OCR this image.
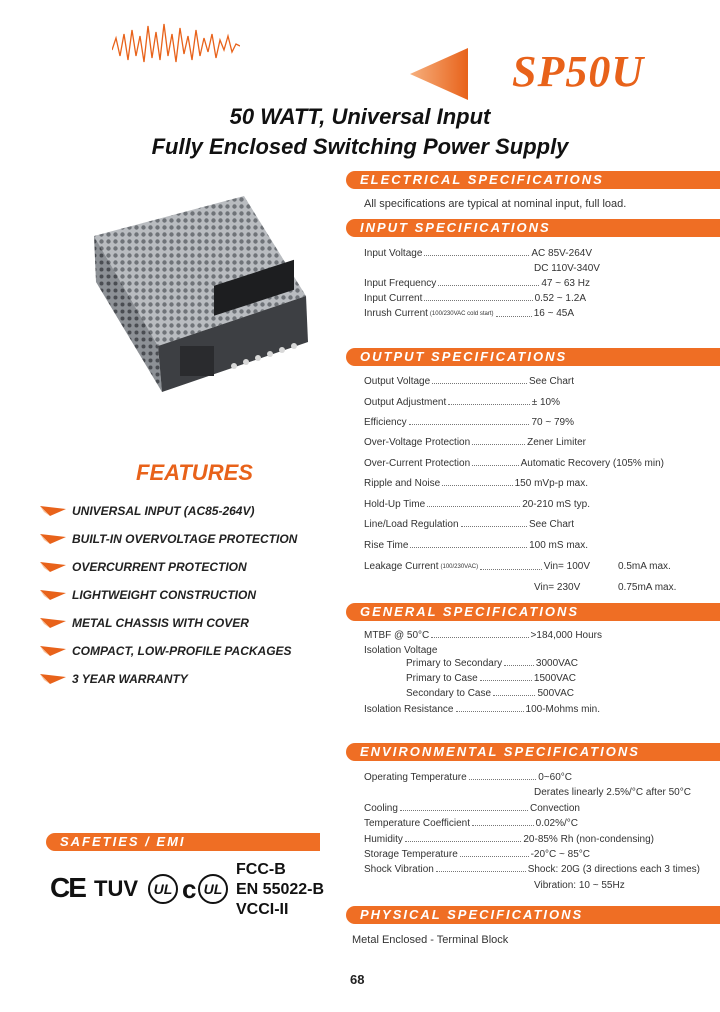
SP50U
50 WATT, Universal Input
Fully Enclosed Switching Power Supply
FEATURES
UNIVERSAL INPUT (AC85-264V)
BUILT-IN OVERVOLTAGE PROTECTION
OVERCURRENT PROTECTION
LIGHTWEIGHT CONSTRUCTION
METAL CHASSIS WITH COVER
COMPACT, LOW-PROFILE PACKAGES
3 YEAR WARRANTY
SAFETIES / EMI
CE TUV	UL c UL
FCC-B
EN 55022-B
VCCI-II
ELECTRICAL SPECIFICATIONS
All specifications are typical at nominal input, full load.
INPUT SPECIFICATIONS
Input Voltage	AC 85V-264V
DC 110V-340V
Input Frequency	47 ~ 63 Hz
Input Current	0.52 ~ 1.2A
Inrush Current (100/230VAC cold start)	16 ~ 45A
OUTPUT SPECIFICATIONS
Output Voltage	See Chart
Output Adjustment	± 10%
Efficiency	70 ~ 79%
Over-Voltage Protection	Zener Limiter
Over-Current Protection	Automatic Recovery (105% min)
Ripple and Noise	150 mVp-p max.
Hold-Up Time	20-210 mS typ.
Line/Load Regulation	See Chart
Rise Time	100 mS max.
Leakage Current (100/230VAC)	Vin= 100V	0.5mA max.
Vin= 230V	0.75mA max.
GENERAL SPECIFICATIONS
MTBF @ 50°C	>184,000 Hours
Isolation Voltage
Primary to Secondary	3000VAC
Primary to Case	1500VAC
Secondary to Case	500VAC
Isolation Resistance	100-Mohms min.
ENVIRONMENTAL SPECIFICATIONS
Operating Temperature	0~60°C
Derates linearly 2.5%/°C after 50°C
Cooling	Convection
Temperature Coefficient	0.02%/°C
Humidity	20-85% Rh (non-condensing)
Storage Temperature	-20°C ~ 85°C
Shock Vibration	Shock: 20G (3 directions each 3 times)
Vibration: 10 ~ 55Hz
PHYSICAL SPECIFICATIONS
Metal Enclosed - Terminal Block
68
